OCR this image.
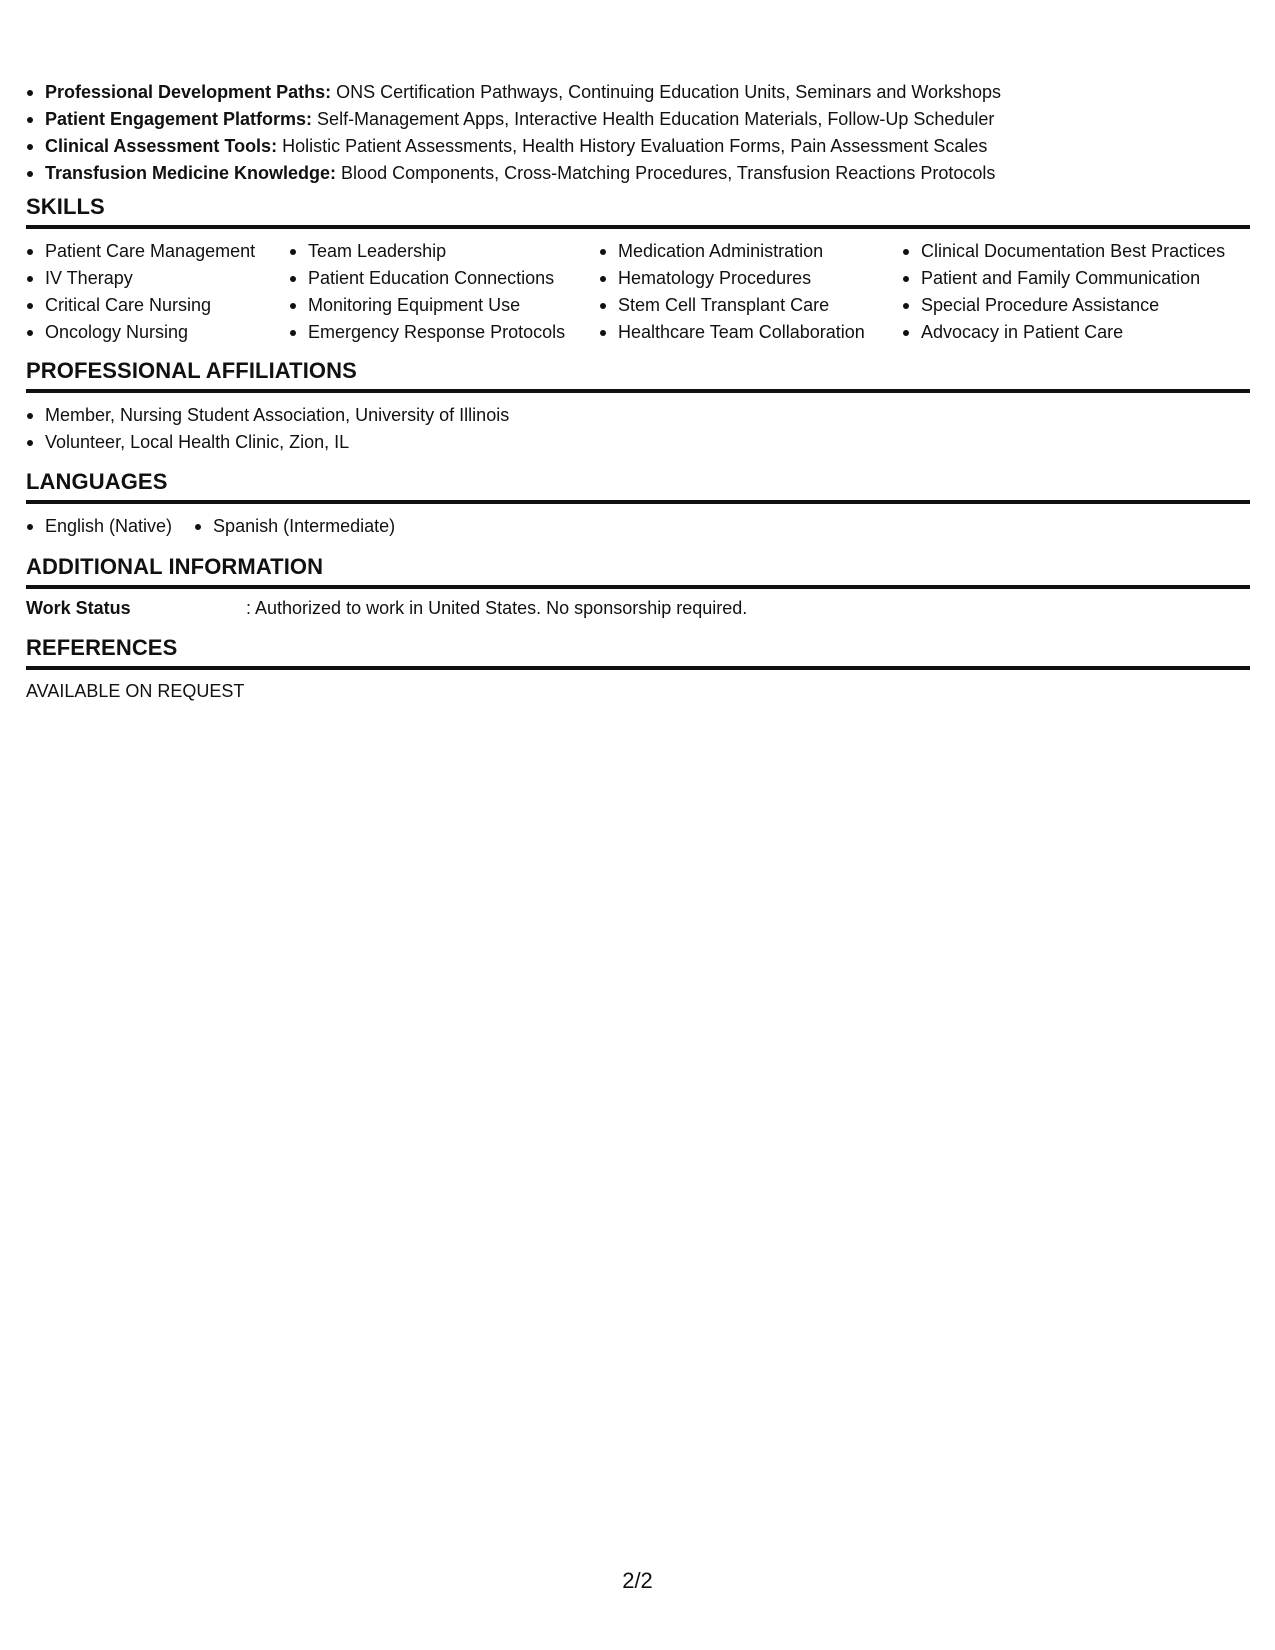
Professional Development Paths: ONS Certification Pathways, Continuing Education Units, Seminars and Workshops
Patient Engagement Platforms: Self-Management Apps, Interactive Health Education Materials, Follow-Up Scheduler
Clinical Assessment Tools: Holistic Patient Assessments, Health History Evaluation Forms, Pain Assessment Scales
Transfusion Medicine Knowledge: Blood Components, Cross-Matching Procedures, Transfusion Reactions Protocols
SKILLS
Patient Care Management
IV Therapy
Critical Care Nursing
Oncology Nursing
Team Leadership
Patient Education Connections
Monitoring Equipment Use
Emergency Response Protocols
Medication Administration
Hematology Procedures
Stem Cell Transplant Care
Healthcare Team Collaboration
Clinical Documentation Best Practices
Patient and Family Communication
Special Procedure Assistance
Advocacy in Patient Care
PROFESSIONAL AFFILIATIONS
Member, Nursing Student Association, University of Illinois
Volunteer, Local Health Clinic, Zion, IL
LANGUAGES
English (Native)	Spanish (Intermediate)
ADDITIONAL INFORMATION
Work Status	: Authorized to work in United States. No sponsorship required.
REFERENCES
AVAILABLE ON REQUEST
2/2
